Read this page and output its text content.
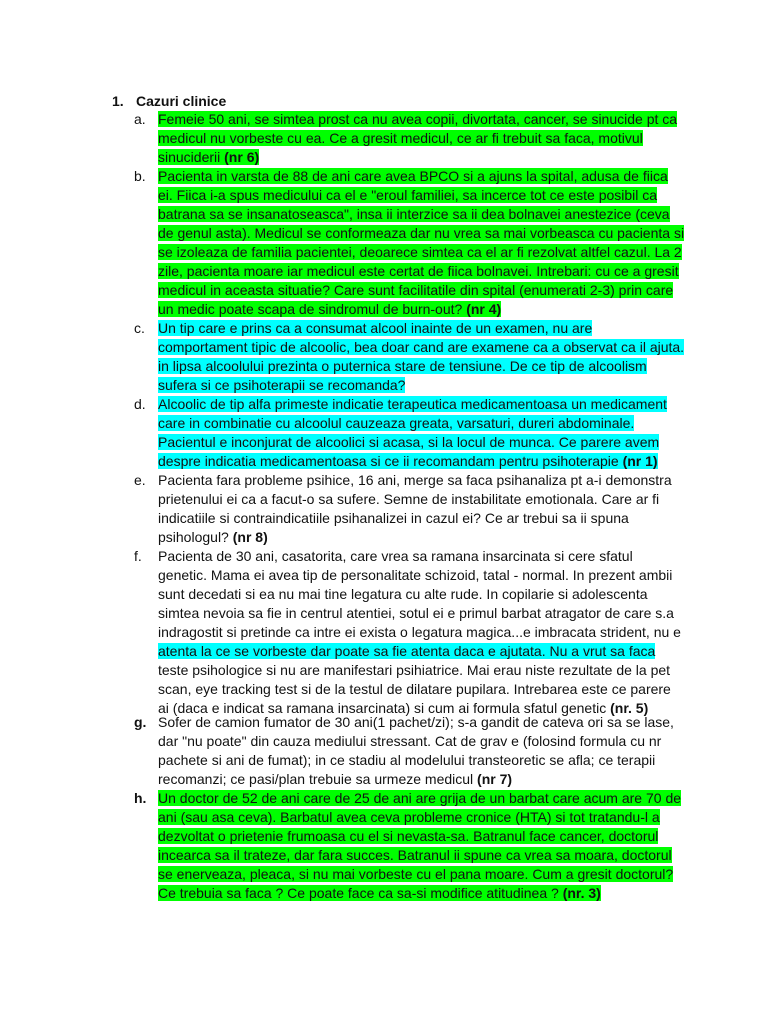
1. Cazuri clinice
a. Femeie 50 ani, se simtea prost ca nu avea copii, divortata, cancer, se sinucide pt ca
medicul nu vorbeste cu ea. Ce a gresit medicul, ce ar fi trebuit sa faca, motivul
sinuciderii (nr 6)
b. Pacienta in varsta de 88 de ani care avea BPCO si a ajuns la spital, adusa de fiica
ei. Fiica i-a spus medicului ca el e "eroul familiei, sa incerce tot ce este posibil ca
batrana sa se insanatoseasca", insa ii interzice sa ii dea bolnavei anestezice (ceva
de genul asta). Medicul se conformeaza dar nu vrea sa mai vorbeasca cu pacienta si
se izoleaza de familia pacientei, deoarece simtea ca el ar fi rezolvat altfel cazul. La 2
zile, pacienta moare iar medicul este certat de fiica bolnavei. Intrebari: cu ce a gresit
medicul in aceasta situatie? Care sunt facilitatile din spital (enumerati 2-3) prin care
un medic poate scapa de sindromul de burn-out? (nr 4)
c. Un tip care e prins ca a consumat alcool inainte de un examen, nu are
comportament tipic de alcoolic, bea doar cand are examene ca a observat ca il ajuta.
in lipsa alcoolului prezinta o puternica stare de tensiune. De ce tip de alcoolism
sufera si ce psihoterapii se recomanda?
d. Alcoolic de tip alfa primeste indicatie terapeutica medicamentoasa un medicament
care in combinatie cu alcoolul cauzeaza greata, varsaturi, dureri abdominale.
Pacientul e inconjurat de alcoolici si acasa, si la locul de munca. Ce parere avem
despre indicatia medicamentoasa si ce ii recomandam pentru psihoterapie (nr 1)
e. Pacienta fara probleme psihice, 16 ani, merge sa faca psihanaliza pt a-i demonstra
prietenului ei ca a facut-o sa sufere. Semne de instabilitate emotionala. Care ar fi
indicatiile si contraindicatiile psihanalizei in cazul ei? Ce ar trebui sa ii spuna
psihologul? (nr 8)
f. Pacienta de 30 ani, casatorita, care vrea sa ramana insarcinata si cere sfatul
genetic. Mama ei avea tip de personalitate schizoid, tatal - normal. In prezent ambii
sunt decedati si ea nu mai tine legatura cu alte rude. In copilarie si adolescenta
simtea nevoia sa fie in centrul atentiei, sotul ei e primul barbat atragator de care s.a
indragostit si pretinde ca intre ei exista o legatura magica...e imbracata strident, nu e
atenta la ce se vorbeste dar poate sa fie atenta daca e ajutata. Nu a vrut sa faca
teste psihologice si nu are manifestari psihiatrice. Mai erau niste rezultate de la pet
scan, eye tracking test si de la testul de dilatare pupilara. Intrebarea este ce parere
ai (daca e indicat sa ramana insarcinata) si cum ai formula sfatul genetic (nr. 5)
g. Sofer de camion fumator de 30 ani(1 pachet/zi); s-a gandit de cateva ori sa se lase,
dar "nu poate" din cauza mediului stressant. Cat de grav e (folosind formula cu nr
pachete si ani de fumat); in ce stadiu al modelului transteoretic se afla; ce terapii
recomanzi; ce pasi/plan trebuie sa urmeze medicul (nr 7)
h. Un doctor de 52 de ani care de 25 de ani are grija de un barbat care acum are 70 de
ani (sau asa ceva). Barbatul avea ceva probleme cronice (HTA) si tot tratandu-l a
dezvoltat o prietenie frumoasa cu el si nevasta-sa. Batranul face cancer, doctorul
incearca sa il trateze, dar fara succes. Batranul ii spune ca vrea sa moara, doctorul
se enerveaza, pleaca, si nu mai vorbeste cu el pana moare. Cum a gresit doctorul?
Ce trebuia sa faca ? Ce poate face ca sa-si modifice atitudinea ? (nr. 3)
